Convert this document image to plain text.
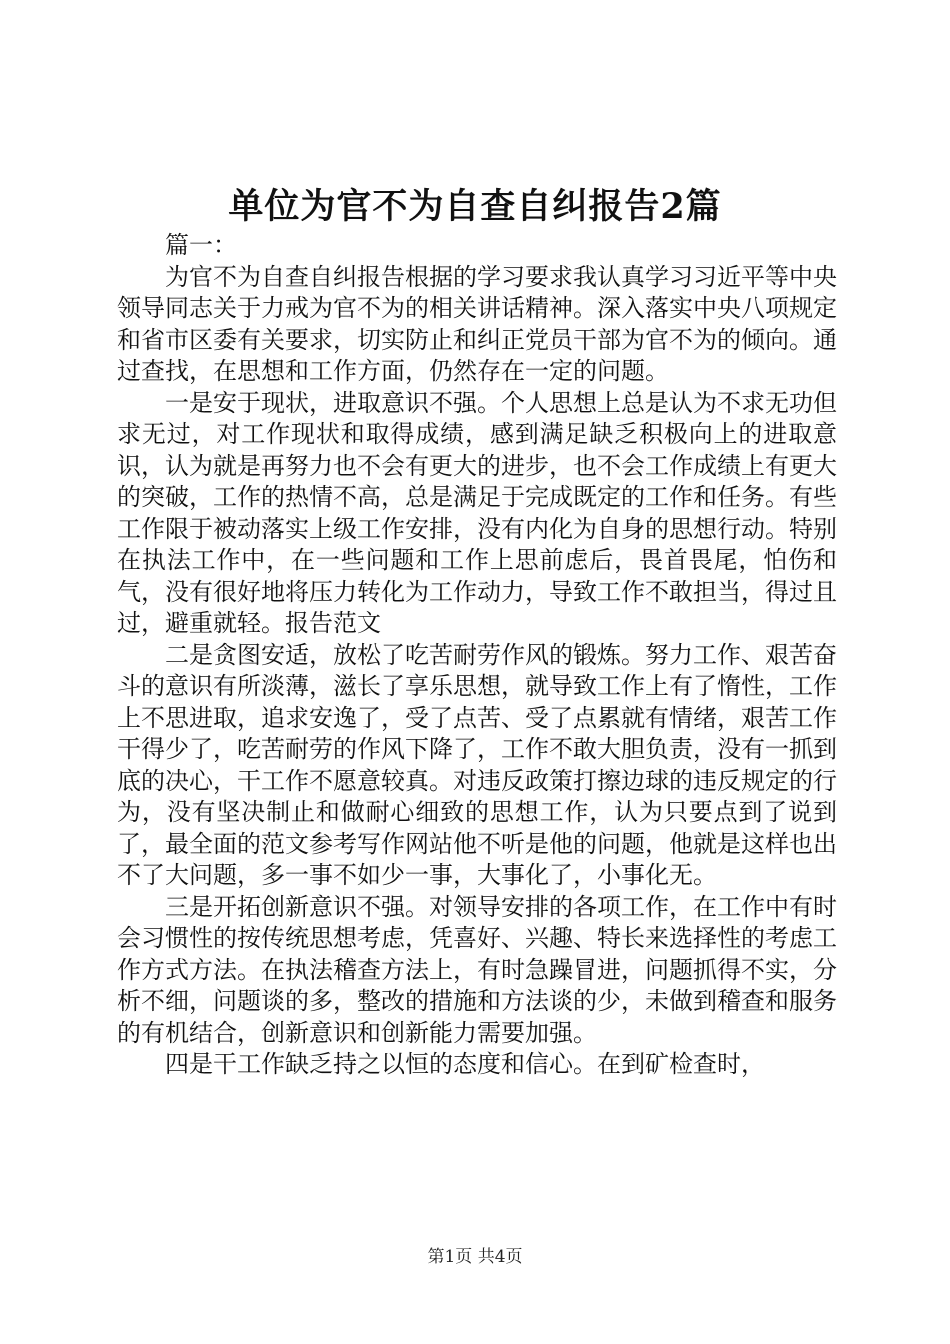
单位为官不为自查自纠报告2篇

篇一：

为官不为自查自纠报告根据的学习要求我认真学习习近平等中央领导同志关于力戒为官不为的相关讲话精神。深入落实中央八项规定和省市区委有关要求，切实防止和纠正党员干部为官不为的倾向。通过查找，在思想和工作方面，仍然存在一定的问题。

一是安于现状，进取意识不强。个人思想上总是认为不求无功但求无过，对工作现状和取得成绩，感到满足缺乏积极向上的进取意识，认为就是再努力也不会有更大的进步，也不会工作成绩上有更大的突破，工作的热情不高，总是满足于完成既定的工作和任务。有些工作限于被动落实上级工作安排，没有内化为自身的思想行动。特别在执法工作中，在一些问题和工作上思前虑后，畏首畏尾，怕伤和气，没有很好地将压力转化为工作动力，导致工作不敢担当，得过且过，避重就轻。报告范文

二是贪图安适，放松了吃苦耐劳作风的锻炼。努力工作、艰苦奋斗的意识有所淡薄，滋长了享乐思想，就导致工作上有了惰性，工作上不思进取，追求安逸了，受了点苦、受了点累就有情绪，艰苦工作干得少了，吃苦耐劳的作风下降了，工作不敢大胆负责，没有一抓到底的决心，干工作不愿意较真。对违反政策打擦边球的违反规定的行为，没有坚决制止和做耐心细致的思想工作，认为只要点到了说到了，最全面的范文参考写作网站他不听是他的问题，他就是这样也出不了大问题，多一事不如少一事，大事化了，小事化无。

三是开拓创新意识不强。对领导安排的各项工作，在工作中有时会习惯性的按传统思想考虑，凭喜好、兴趣、特长来选择性的考虑工作方式方法。在执法稽查方法上，有时急躁冒进，问题抓得不实，分析不细，问题谈的多，整改的措施和方法谈的少，未做到稽查和服务的有机结合，创新意识和创新能力需要加强。

四是干工作缺乏持之以恒的态度和信心。在到矿检查时，

第1页 共4页
